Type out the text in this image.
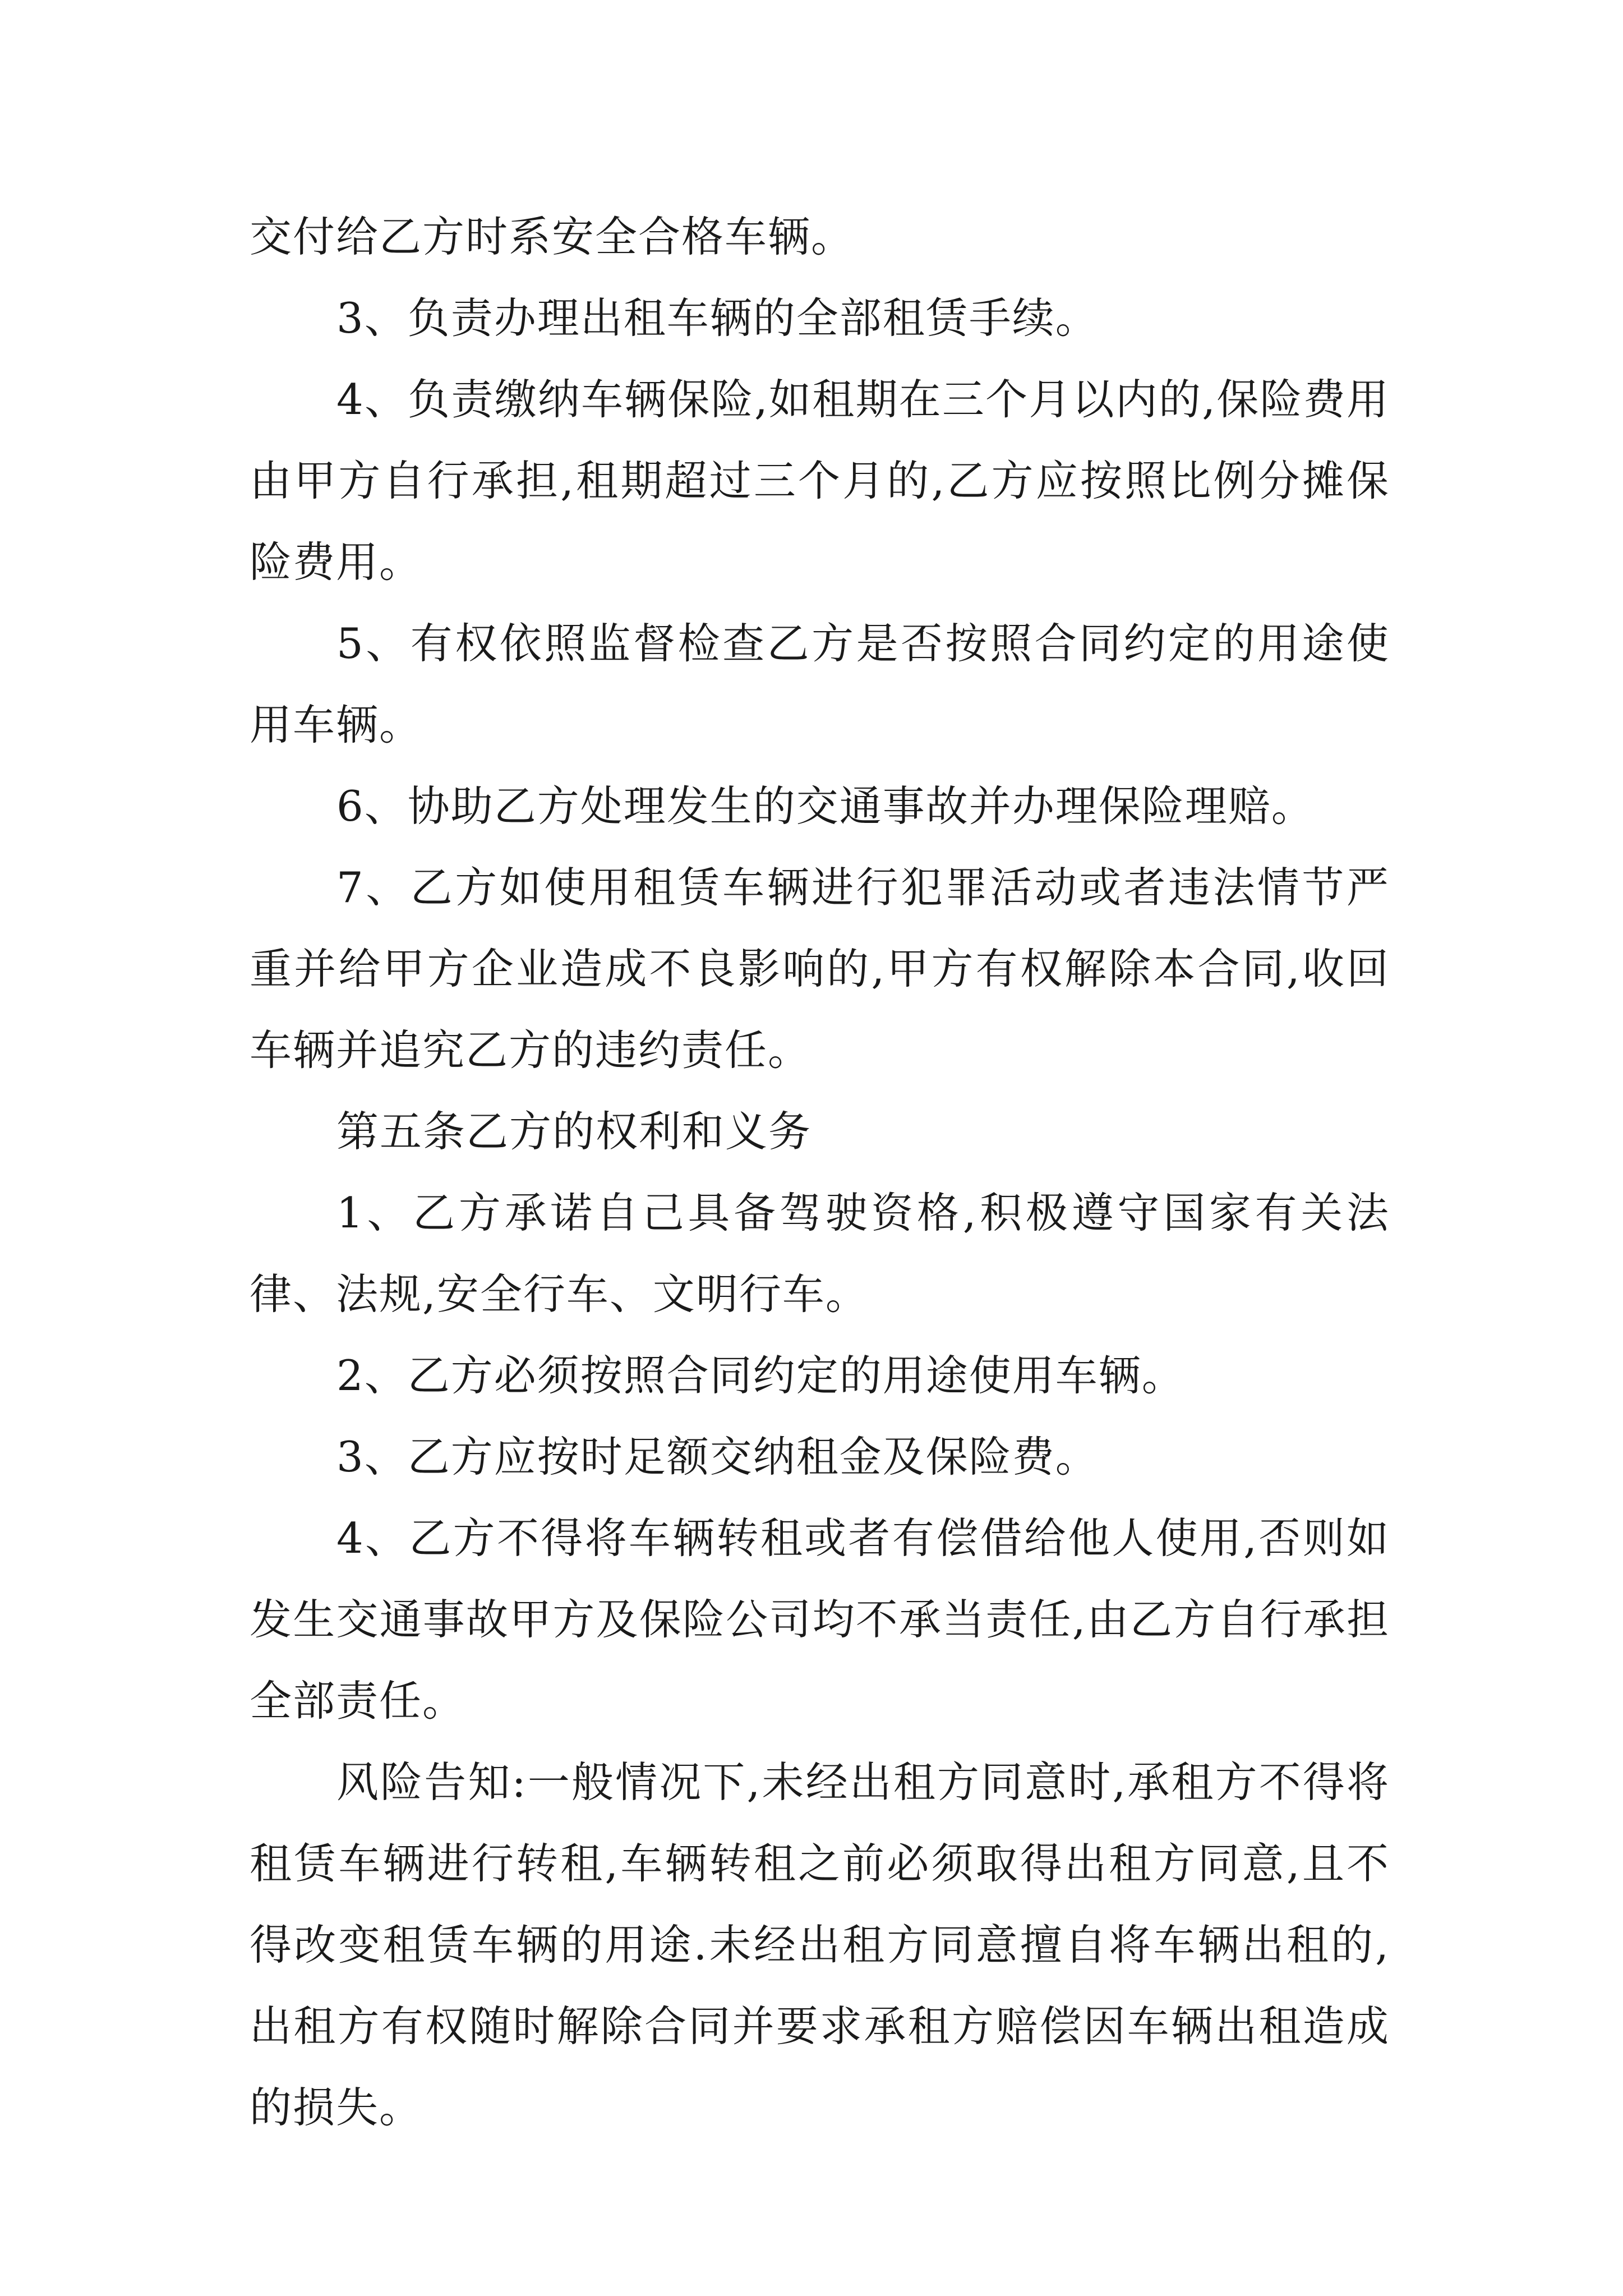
交付给乙方时系安全合格车辆。

3、负责办理出租车辆的全部租赁手续。

4、负责缴纳车辆保险,如租期在三个月以内的,保险费用由甲方自行承担,租期超过三个月的,乙方应按照比例分摊保险费用。

5、有权依照监督检查乙方是否按照合同约定的用途使用车辆。

6、协助乙方处理发生的交通事故并办理保险理赔。

7、乙方如使用租赁车辆进行犯罪活动或者违法情节严重并给甲方企业造成不良影响的,甲方有权解除本合同,收回车辆并追究乙方的违约责任。

第五条乙方的权利和义务

1、乙方承诺自己具备驾驶资格,积极遵守国家有关法律、法规,安全行车、文明行车。

2、乙方必须按照合同约定的用途使用车辆。

3、乙方应按时足额交纳租金及保险费。

4、乙方不得将车辆转租或者有偿借给他人使用,否则如发生交通事故甲方及保险公司均不承当责任,由乙方自行承担全部责任。

风险告知:一般情况下,未经出租方同意时,承租方不得将租赁车辆进行转租,车辆转租之前必须取得出租方同意,且不得改变租赁车辆的用途.未经出租方同意擅自将车辆出租的,出租方有权随时解除合同并要求承租方赔偿因车辆出租造成的损失。
